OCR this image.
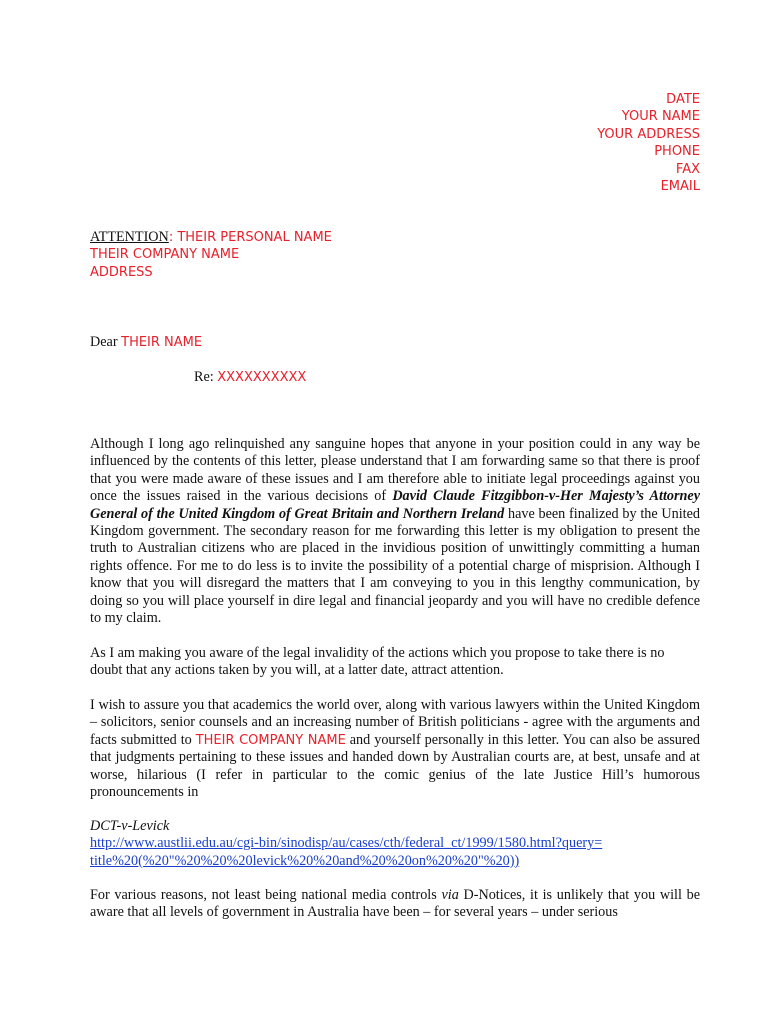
DATE
YOUR NAME
YOUR ADDRESS
PHONE
FAX
EMAIL
ATTENTION: THEIR PERSONAL NAME
THEIR COMPANY NAME
ADDRESS
Dear THEIR NAME
Re: XXXXXXXXXX
Although I long ago relinquished any sanguine hopes that anyone in your position could in any way be influenced by the contents of this letter, please understand that I am forwarding same so that there is proof that you were made aware of these issues and I am therefore able to initiate legal proceedings against you once the issues raised in the various decisions of David Claude Fitzgibbon-v-Her Majesty’s Attorney General of the United Kingdom of Great Britain and Northern Ireland have been finalized by the United Kingdom government. The secondary reason for me forwarding this letter is my obligation to present the truth to Australian citizens who are placed in the invidious position of unwittingly committing a human rights offence. For me to do less is to invite the possibility of a potential charge of misprision. Although I know that you will disregard the matters that I am conveying to you in this lengthy communication, by doing so you will place yourself in dire legal and financial jeopardy and you will have no credible defence to my claim.
As I am making you aware of the legal invalidity of the actions which you propose to take there is no doubt that any actions taken by you will, at a latter date, attract attention.
I wish to assure you that academics the world over, along with various lawyers within the United Kingdom – solicitors, senior counsels and an increasing number of British politicians - agree with the arguments and facts submitted to THEIR COMPANY NAME and yourself personally in this letter. You can also be assured that judgments pertaining to these issues and handed down by Australian courts are, at best, unsafe and at worse, hilarious (I refer in particular to the comic genius of the late Justice Hill’s humorous pronouncements in
DCT-v-Levick
http://www.austlii.edu.au/cgi-bin/sinodisp/au/cases/cth/federal_ct/1999/1580.html?query=title%20(%20"%20%20%20levick%20%20and%20%20on%20%20"%20))
For various reasons, not least being national media controls via D-Notices, it is unlikely that you will be aware that all levels of government in Australia have been – for several years – under serious
